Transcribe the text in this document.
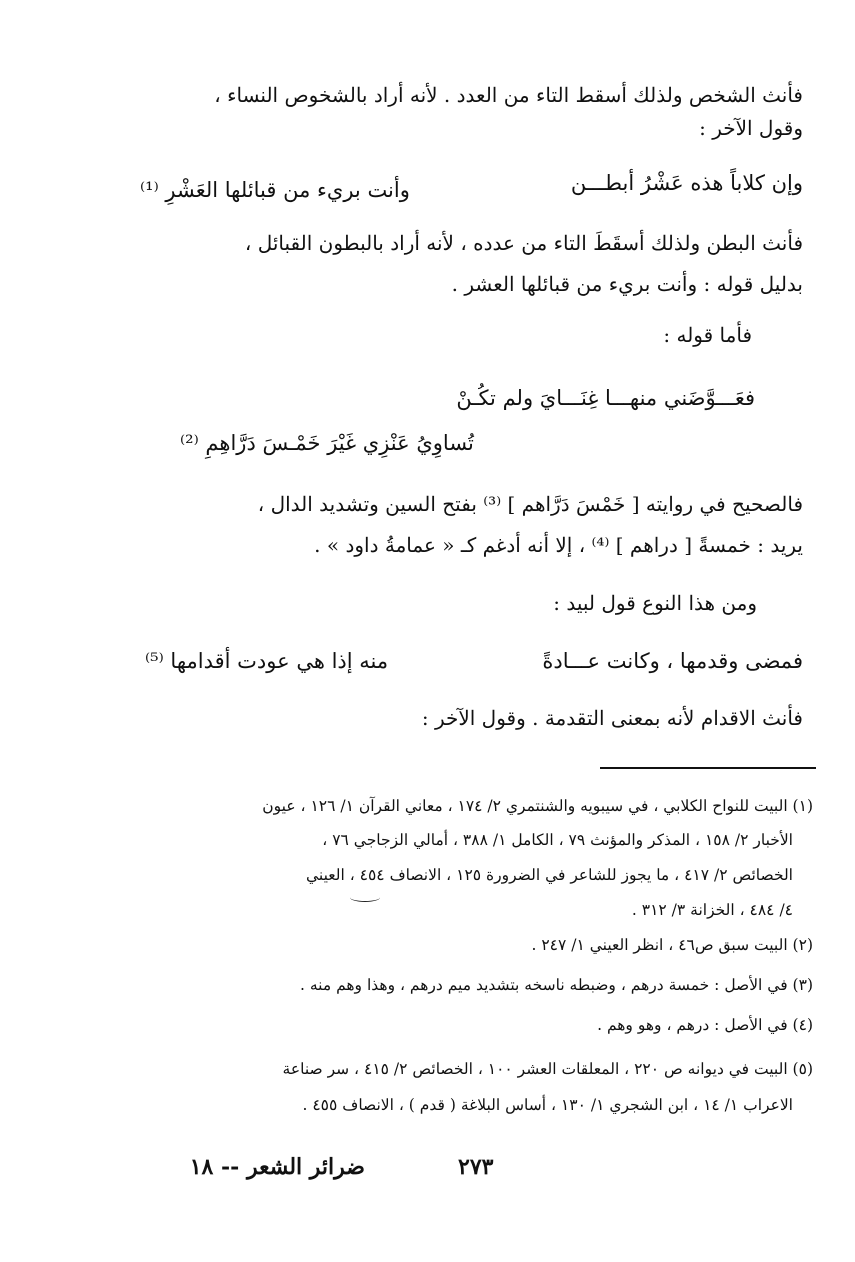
فأنث الشخص ولذلك أسقط التاء من العدد . لأنه أراد بالشخوص النساء ،
وقول الآخر :
وإن كلاباً هذه عَشْرُ أبطـــن
وأنت بريء من قبائلها العَشْرِ ⁽¹⁾
فأنث البطن ولذلك أسقَطَ التاء من عدده ، لأنه أراد بالبطون القبائل ،
بدليل قوله : وأنت بريء من قبائلها العشر .
فأما قوله :
فعَـــوَّضَني منهـــا غِنَـــايَ ولم تكُـنْ
تُساوِيُ عَنْزِي غَيْرَ خَمْـسَ دَرَّاهِمِ ⁽²⁾
فالصحيح في روايته [ خَمْسَ دَرَّاهم ] ⁽³⁾ بفتح السين وتشديد الدال ،
يريد : خمسةً [ دراهم ] ⁽⁴⁾ ، إلا أنه أدغم كـ « عمامةُ داود » .
ومن هذا النوع قول لبيد :
فمضى وقدمها ، وكانت عـــادةً
منه إذا هي عودت أقدامها ⁽⁵⁾
فأنث الاقدام لأنه بمعنى التقدمة . وقول الآخر :
(١) البيت للنواح الكلابي ، في سيبويه والشنتمري ٢/ ١٧٤ ، معاني القرآن ١/ ١٢٦ ، عيون
الأخبار ٢/ ١٥٨ ، المذكر والمؤنث ٧٩ ، الكامل ١/ ٣٨٨ ، أمالي الزجاجي ٧٦ ،
الخصائص ٢/ ٤١٧ ، ما يجوز للشاعر في الضرورة ١٢٥ ، الانصاف ٤٥٤ ، العيني
٤/ ٤٨٤ ، الخزانة ٣/ ٣١٢ .
(٢) البيت سبق ص٤٦ ، انظر العيني ١/ ٢٤٧ .
(٣) في الأصل : خمسة درهم ، وضبطه ناسخه بتشديد ميم درهم ، وهذا وهم منه .
(٤) في الأصل : درهم ، وهو وهم .
(٥) البيت في ديوانه ص ٢٢٠ ، المعلقات العشر ١٠٠ ، الخصائص ٢/ ٤١٥ ، سر صناعة
الاعراب ١/ ١٤ ، ابن الشجري ١/ ١٣٠ ، أساس البلاغة ( قدم ) ، الانصاف ٤٥٥ .
ضرائر الشعر -- ١٨	٢٧٣
